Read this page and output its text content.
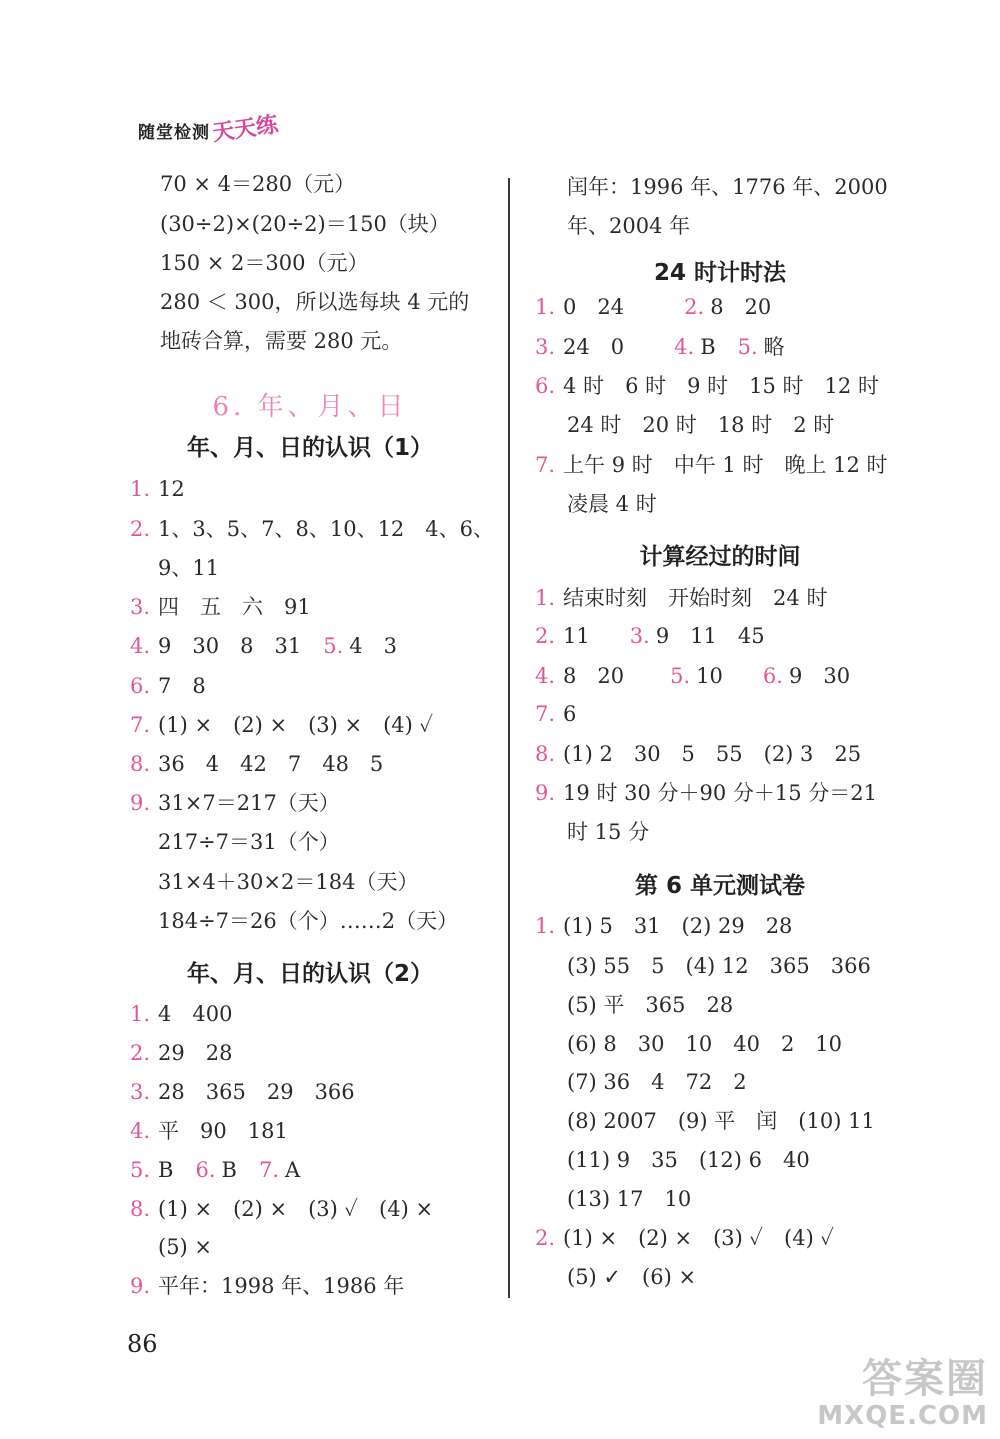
随堂检测 天天练
70 × 4＝280（元）
(30÷2)×(20÷2)＝150（块）
150 × 2＝300（元）
280 ＜ 300，所以选每块 4 元的
地砖合算，需要 280 元。
6. 年、月、日
年、月、日的认识（1）
1. 12
2. 1、3、5、7、8、10、12　4、6、
9、11
3. 四　五　六　91
4. 9　30　8　31 5. 4　3
6. 7　8
7. (1) ×　(2) ×　(3) ×　(4) ✓
8. 36　4　42　7　48　5
9. 31×7＝217（天）
217÷7＝31（个）
31×4＋30×2＝184（天）
184÷7＝26（个）……2（天）
年、月、日的认识（2）
1. 4　400
2. 29　28
3. 28　365　29　366
4. 平　90　181
5. B 6. B 7. A
8. (1) ×　(2) ×　(3) ✓　(4) ×
(5) ×
9. 平年：1998 年、1986 年
闰年：1996 年、1776 年、2000
年、2004 年
24 时计时法
1. 0　24	2. 8　20
3. 24　0 4. B 5. 略
6. 4 时　6 时　9 时　15 时　12 时
24 时　20 时　18 时　2 时
7. 上午 9 时　中午 1 时　晚上 12 时
凌晨 4 时
计算经过的时间
1. 结束时刻　开始时刻　24 时
2. 11 3. 9　11　45
4. 8　20 5. 10 6. 9　30
7. 6
8. (1) 2　30　5　55　(2) 3　25
9. 19 时 30 分＋90 分＋15 分＝21
时 15 分
第 6 单元测试卷
1. (1) 5　31　(2) 29　28
(3) 55　5　(4) 12　365　366
(5) 平　365　28
(6) 8　30　10　40　2　10
(7) 36　4　72　2
(8) 2007　(9) 平　闰　(10) 11
(11) 9　35　(12) 6　40
(13) 17　10
2. (1) ×　(2) ×　(3) ✓　(4) ✓
(5) ✓　(6) ×
86
答案圈
MXQE.COM
